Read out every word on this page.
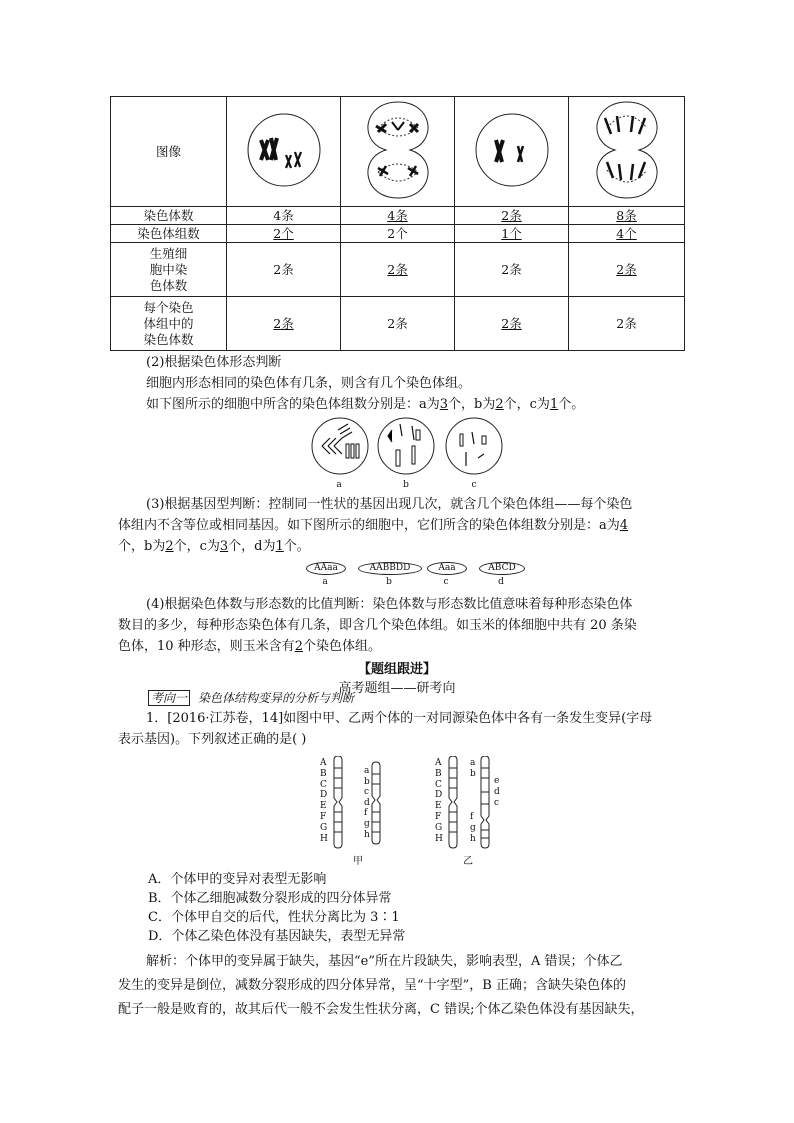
图像				
染色体数	4条	4条	2条	8条
染色体组数	2个	2个	1个	4个

生殖细
胞中染
色体数	2条	2条	2条	2条

每个染色
体组中的
染色体数	2条	2条	2条	2条
(2)根据染色体形态判断
细胞内形态相同的染色体有几条，则含有几个染色体组。
如下图所示的细胞中所含的染色体组数分别是：a为3个，b为2个，c为1个。
a	b	c
(3)根据基因型判断：控制同一性状的基因出现几次，就含几个染色体组——每个染色
体组内不含等位或相同基因。如下图所示的细胞中，它们所含的染色体组数分别是：a为4
个，b为2个，c为3个，d为1个。
AAaa	AABBDD	Aaa	ABCD
a	b	c	d
(4)根据染色体数与形态数的比值判断：染色体数与形态数比值意味着每种形态染色体
数目的多少，每种形态染色体有几条，即含几个染色体组。如玉米的体细胞中共有 20 条染
色体，10 种形态，则玉米含有2个染色体组。
【题组跟进】
高考题组——研考向
考向一 染色体结构变异的分析与判断
1．[2016·江苏卷，14]如图中甲、乙两个体的一对同源染色体中各有一条发生变异(字母
表示基因)。下列叙述正确的是( )
A
B
C
D
E
F
G
H
a
b
c
d
f
g
h
甲
A
B
C
D
E
F
G
H
a
b
e
d
c
f
g
h
乙
A．个体甲的变异对表型无影响
B．个体乙细胞减数分裂形成的四分体异常
C．个体甲自交的后代，性状分离比为 3∶1
D．个体乙染色体没有基因缺失，表型无异常
解析：个体甲的变异属于缺失，基因“e”所在片段缺失，影响表型，A 错误；个体乙
发生的变异是倒位，减数分裂形成的四分体异常，呈“十字型”，B 正确；含缺失染色体的
配子一般是败育的，故其后代一般不会发生性状分离，C 错误;个体乙染色体没有基因缺失，
